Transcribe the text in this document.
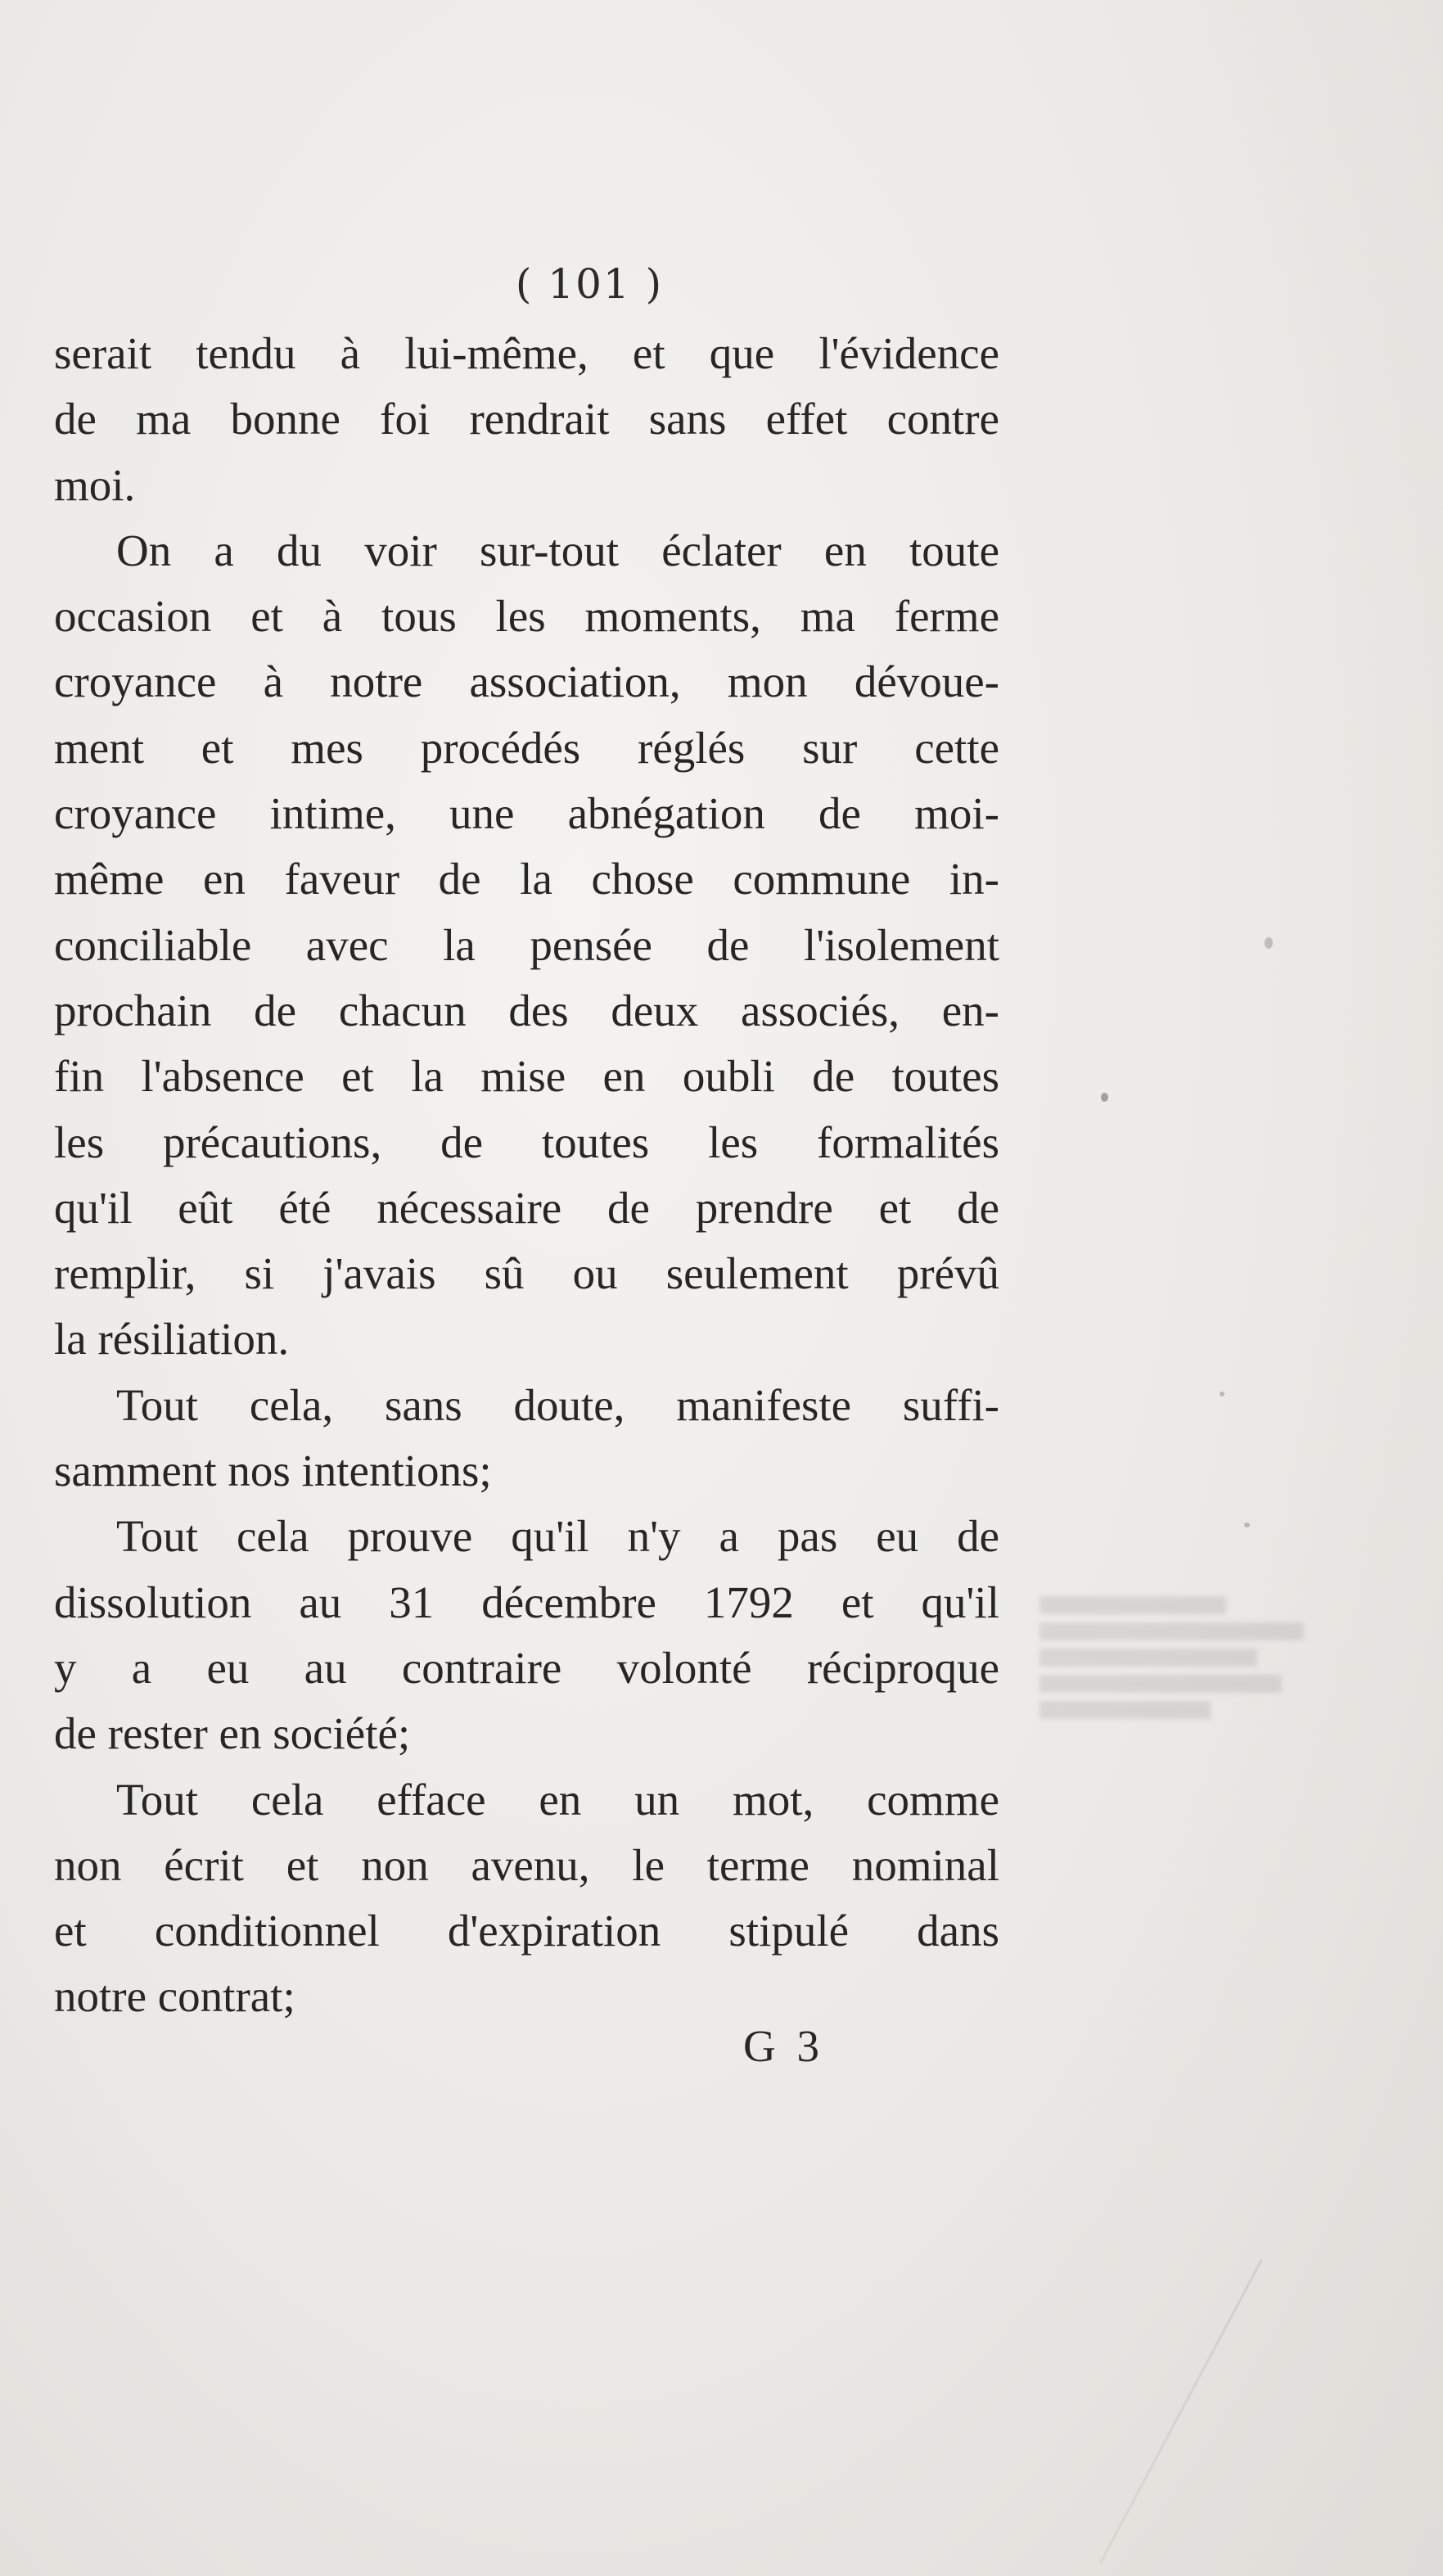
( 101 )
serait tendu à lui-même, et que l'évidence
de ma bonne foi rendrait sans effet contre
moi.
On a du voir sur-tout éclater en toute
occasion et à tous les moments, ma ferme
croyance à notre association, mon dévoue-
ment et mes procédés réglés sur cette
croyance intime, une abnégation de moi-
même en faveur de la chose commune in-
conciliable avec la pensée de l'isolement
prochain de chacun des deux associés, en-
fin l'absence et la mise en oubli de toutes
les précautions, de toutes les formalités
qu'il eût été nécessaire de prendre et de
remplir, si j'avais sû ou seulement prévû
la résiliation.
Tout cela, sans doute, manifeste suffi-
samment nos intentions;
Tout cela prouve qu'il n'y a pas eu de
dissolution au 31 décembre 1792 et qu'il
y a eu au contraire volonté réciproque
de rester en société;
Tout cela efface en un mot, comme
non écrit et non avenu, le terme nominal
et conditionnel d'expiration stipulé dans
notre contrat;
G 3
